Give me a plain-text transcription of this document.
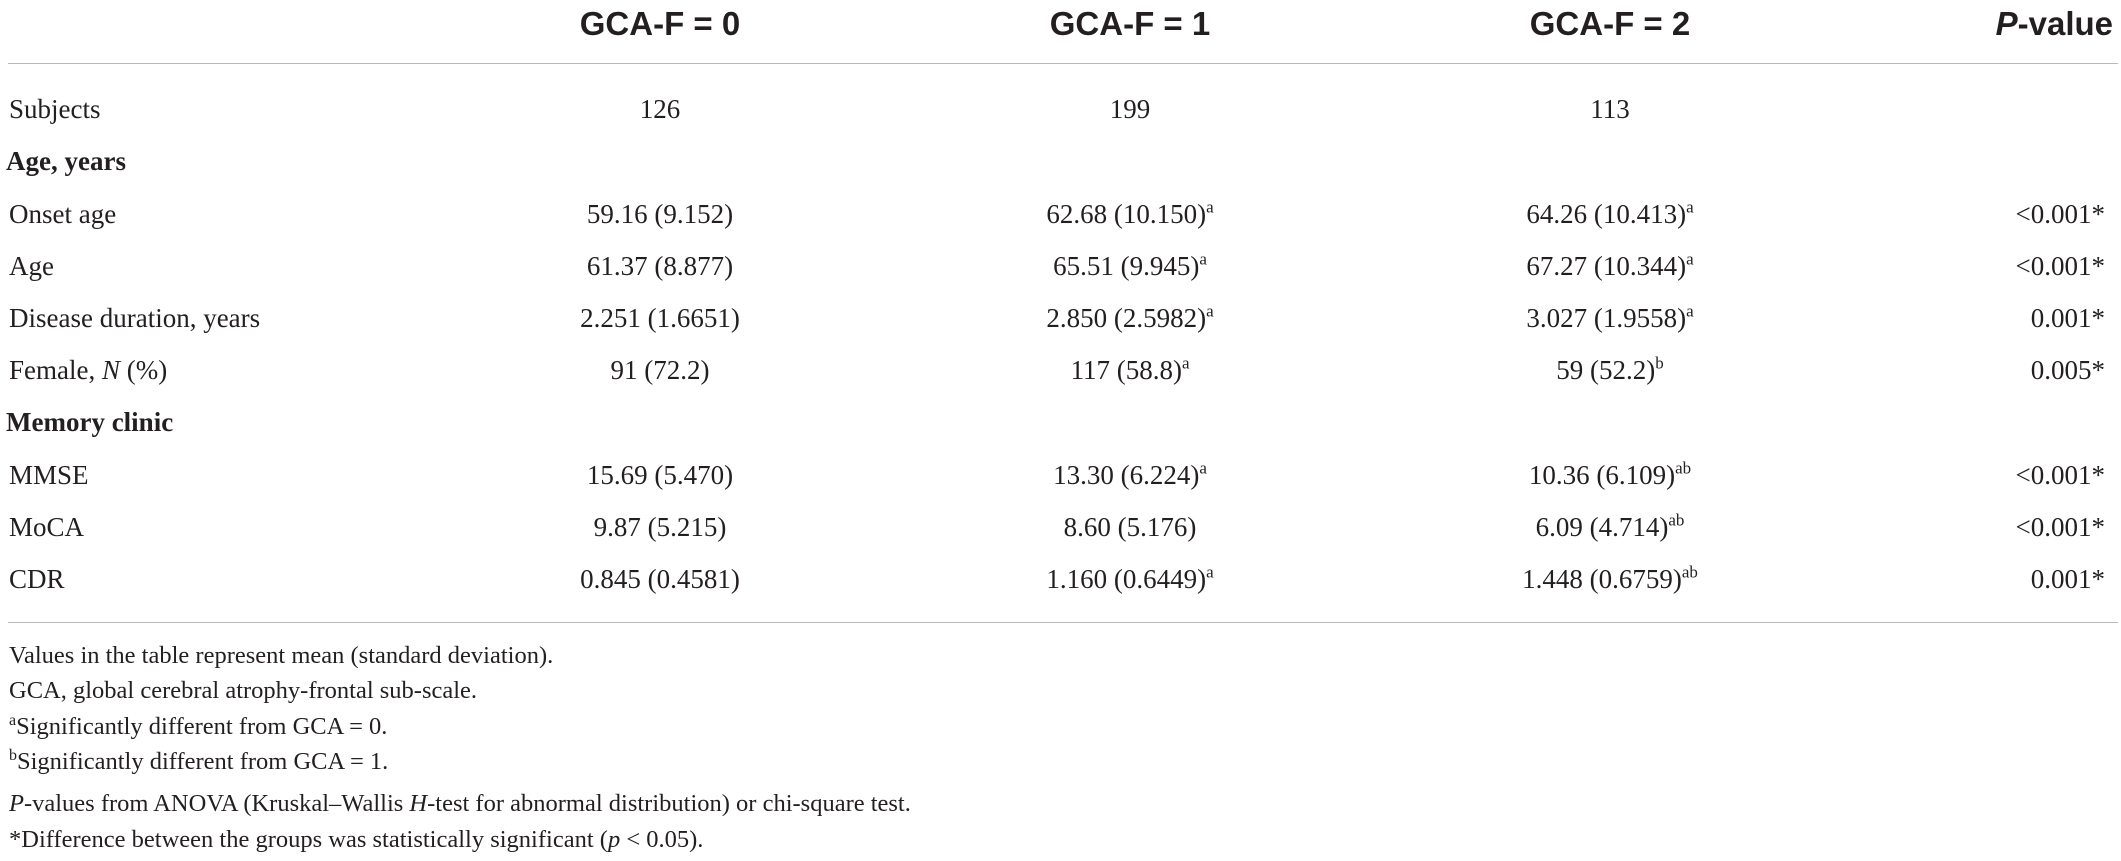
GCA-F = 0	GCA-F = 1	GCA-F = 2	P-value
Subjects	126	199	113
Age, years
Onset age	59.16 (9.152)	62.68 $(10.150)^a$	64.26 $(10.413)^a$	<0.001*
Age	61.37 (8.877)	65.51 $(9.945)^a$	67.27 $(10.344)^a$	<0.001*
Disease duration, years	2.251 (1.6651)	2.850 $(2.5982)^a$	3.027 $(1.9558)^a$	0.001*
Female, N (%)	91 (72.2)	117 $(58.8)^a$	59 $(52.2)^b$	0.005*
Memory clinic
MMSE	15.69 (5.470)	13.30 $(6.224)^a$	10.36 $(6.109)^{ab}$	<0.001*
MoCA	9.87 (5.215)	8.60 (5.176)	6.09 $(4.714)^{ab}$	<0.001*
CDR	0.845 (0.4581)	1.160 $(0.6449)^a$	1.448 $(0.6759)^{ab}$	0.001*
Values in the table represent mean (standard deviation).
GCA, global cerebral atrophy-frontal sub-scale.
$^a$Significantly different from GCA = 0.
$^b$Significantly different from GCA = 1.
P-values from ANOVA (Kruskal–Wallis H-test for abnormal distribution) or chi-square test.
*Difference between the groups was statistically significant (p < 0.05).
